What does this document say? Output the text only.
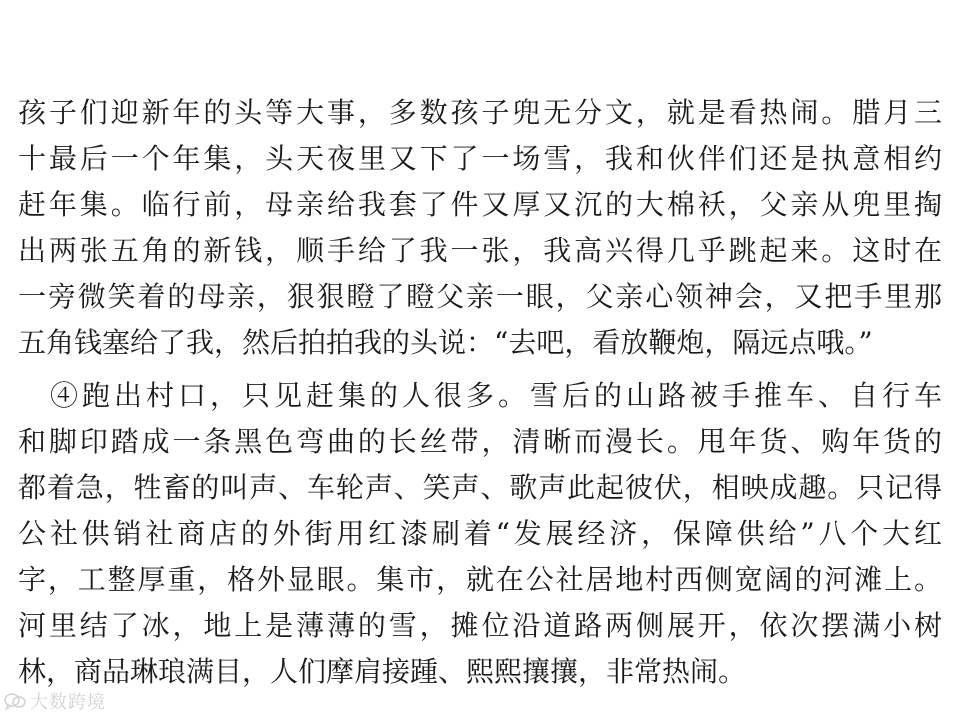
孩子们迎新年的头等大事，多数孩子兜无分文，就是看热闹。腊月三
十最后一个年集，头天夜里又下了一场雪，我和伙伴们还是执意相约
赶年集。临行前，母亲给我套了件又厚又沉的大棉袄，父亲从兜里掏
出两张五角的新钱，顺手给了我一张，我高兴得几乎跳起来。这时在
一旁微笑着的母亲，狠狠瞪了瞪父亲一眼，父亲心领神会，又把手里那
五角钱塞给了我，然后拍拍我的头说：“去吧，看放鞭炮，隔远点哦。”
　④跑出村口，只见赶集的人很多。雪后的山路被手推车、自行车
和脚印踏成一条黑色弯曲的长丝带，清晰而漫长。甩年货、购年货的
都着急，牲畜的叫声、车轮声、笑声、歌声此起彼伏，相映成趣。只记得
公社供销社商店的外街用红漆刷着“发展经济，保障供给”八个大红
字，工整厚重，格外显眼。集市，就在公社居地村西侧宽阔的河滩上。
河里结了冰，地上是薄薄的雪，摊位沿道路两侧展开，依次摆满小树
林，商品琳琅满目，人们摩肩接踵、熙熙攘攘，非常热闹。
大数跨境
